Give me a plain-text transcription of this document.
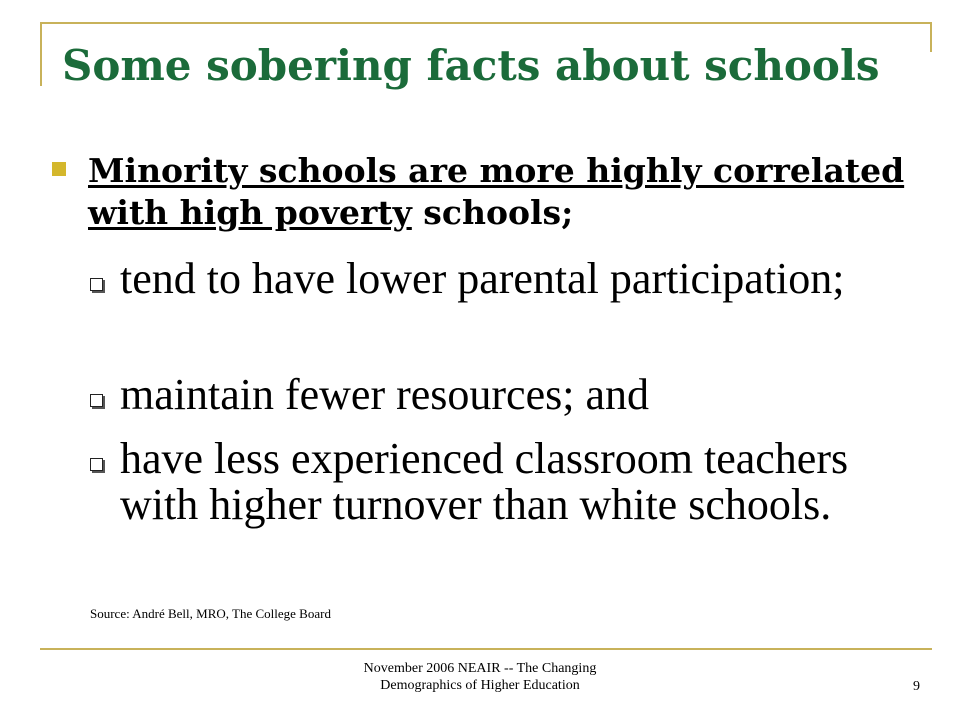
Some sobering facts about schools
Minority schools are more highly correlated with high poverty schools;
tend to have lower parental participation;
maintain fewer resources; and
have less experienced classroom teachers with higher turnover than white schools.
Source: André Bell, MRO, The College Board
November 2006 NEAIR -- The Changing
Demographics of Higher Education	9
